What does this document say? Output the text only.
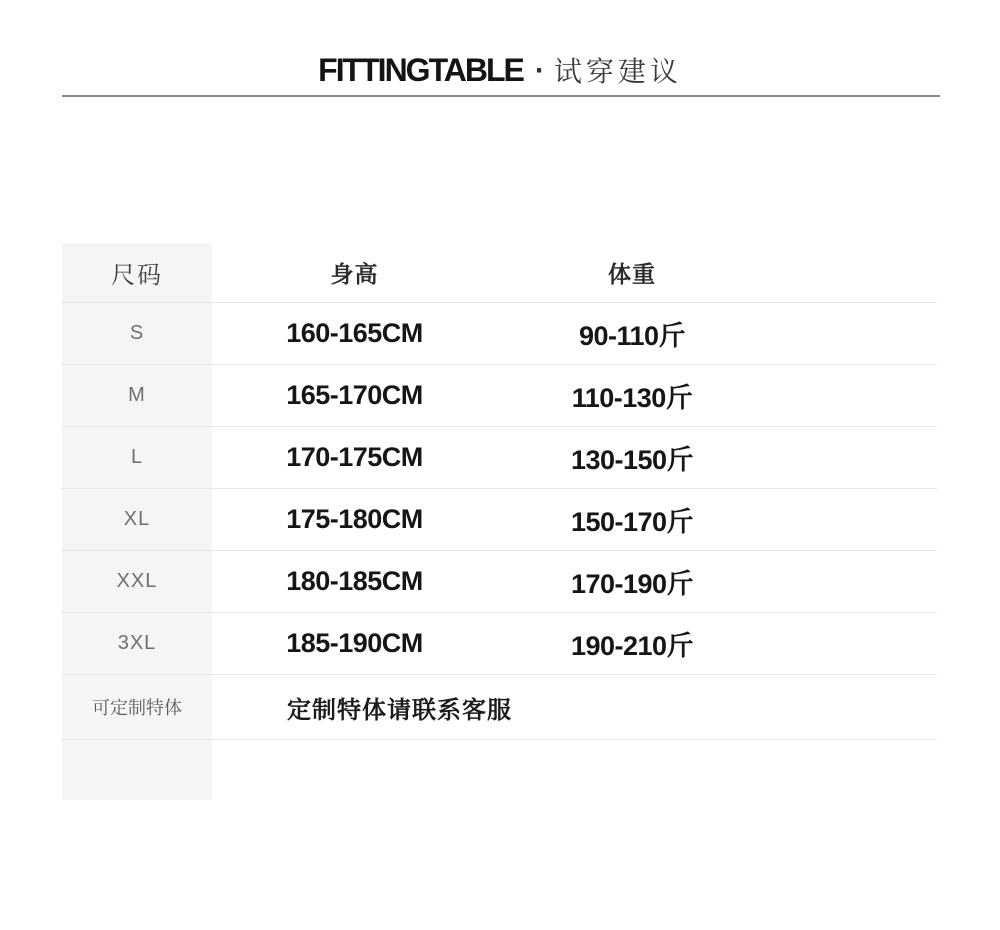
FITTINGTABLE · 试穿建议
尺码	身高	体重
S	160-165CM	90-110斤
M	165-170CM	110-130斤
L	170-175CM	130-150斤
XL	175-180CM	150-170斤
XXL	180-185CM	170-190斤
3XL	185-190CM	190-210斤
可定制特体	定制特体请联系客服
